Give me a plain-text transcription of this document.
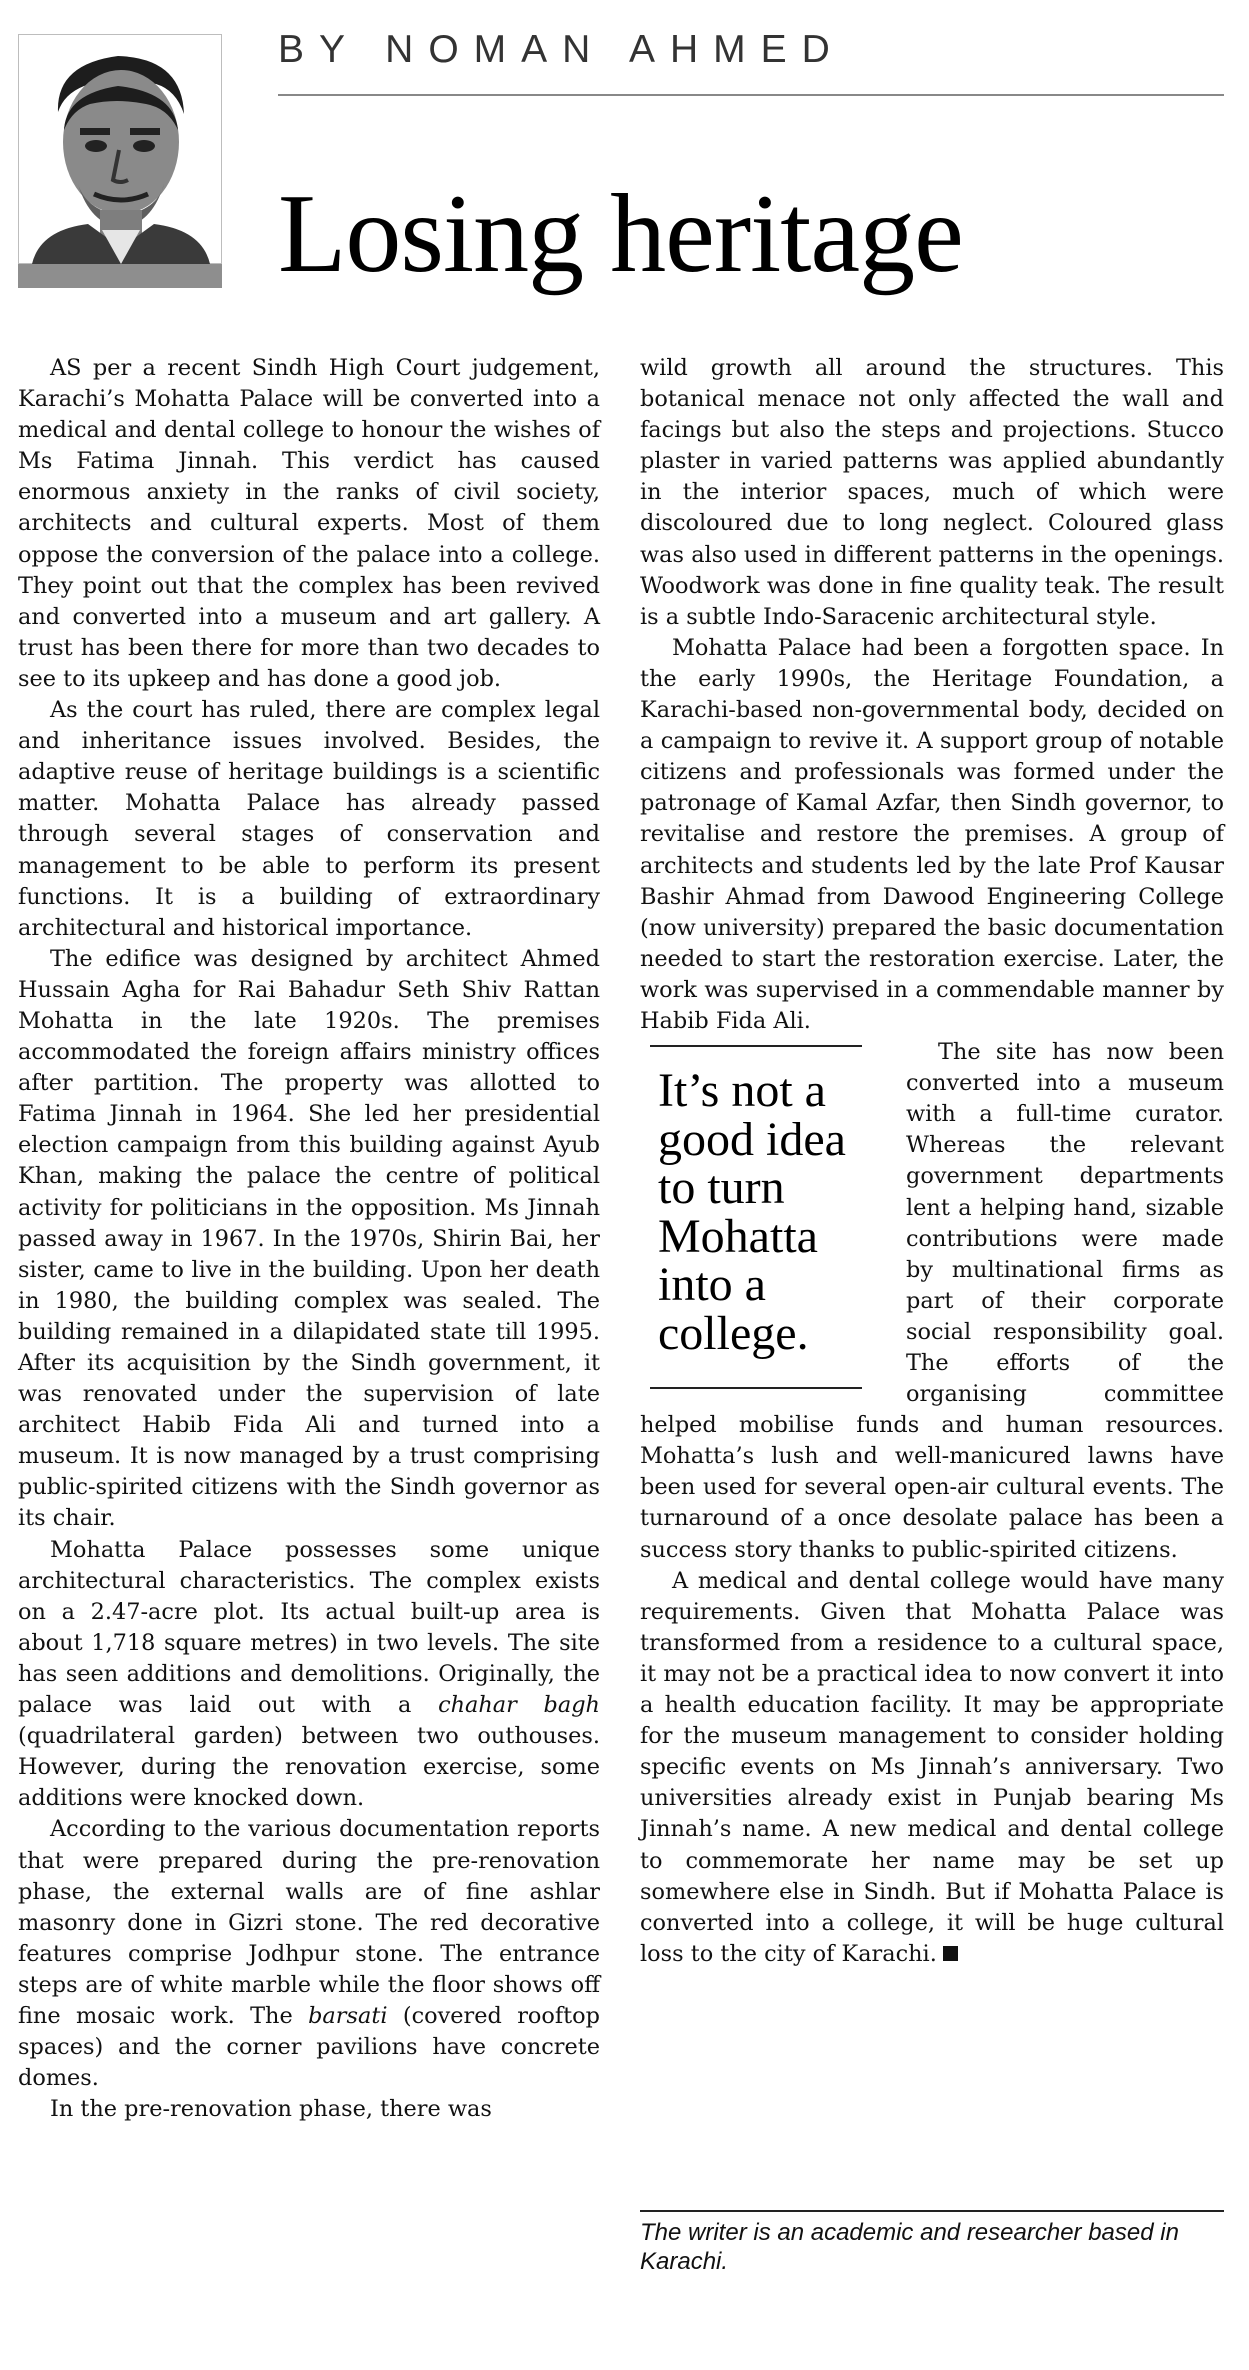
BY NOMAN AHMED
Losing heritage

AS per a recent Sindh High Court judgement, Karachi’s Mohatta Palace will be converted into a medical and dental college to honour the wishes of Ms Fatima Jinnah. This verdict has caused enormous anxiety in the ranks of civil society, architects and cultural experts. Most of them oppose the conversion of the palace into a college. They point out that the complex has been revived and converted into a museum and art gallery. A trust has been there for more than two decades to see to its upkeep and has done a good job.

As the court has ruled, there are complex legal and inheritance issues involved. Besides, the adaptive reuse of heritage buildings is a scientific matter. Mohatta Palace has already passed through several stages of conservation and management to be able to perform its present functions. It is a building of extraordinary architectural and historical importance.

The edifice was designed by architect Ahmed Hussain Agha for Rai Bahadur Seth Shiv Rattan Mohatta in the late 1920s. The premises accommodated the foreign affairs ministry offices after partition. The property was allotted to Fatima Jinnah in 1964. She led her presidential election campaign from this building against Ayub Khan, making the palace the centre of political activity for politicians in the opposition. Ms Jinnah passed away in 1967. In the 1970s, Shirin Bai, her sister, came to live in the building. Upon her death in 1980, the building complex was sealed. The building remained in a dilapidated state till 1995. After its acquisition by the Sindh government, it was renovated under the supervision of late architect Habib Fida Ali and turned into a museum. It is now managed by a trust comprising public-spirited citizens with the Sindh governor as its chair.

Mohatta Palace possesses some unique architectural characteristics. The complex exists on a 2.47-acre plot. Its actual built-up area is about 1,718 square metres) in two levels. The site has seen additions and demolitions. Originally, the palace was laid out with a chahar bagh (quadrilateral garden) between two outhouses. However, during the renovation exercise, some additions were knocked down.

According to the various documentation reports that were prepared during the pre-renovation phase, the external walls are of fine ashlar masonry done in Gizri stone. The red decorative features comprise Jodhpur stone. The entrance steps are of white marble while the floor shows off fine mosaic work. The barsati (covered rooftop spaces) and the corner pavilions have concrete domes.

In the pre-renovation phase, there was

wild growth all around the structures. This botanical menace not only affected the wall and facings but also the steps and projections. Stucco plaster in varied patterns was applied abundantly in the interior spaces, much of which were discoloured due to long neglect. Coloured glass was also used in different patterns in the openings. Woodwork was done in fine quality teak. The result is a subtle Indo-Saracenic architectural style.

Mohatta Palace had been a forgotten space. In the early 1990s, the Heritage Foundation, a Karachi-based non-governmental body, decided on a campaign to revive it. A support group of notable citizens and professionals was formed under the patronage of Kamal Azfar, then Sindh governor, to revitalise and restore the premises. A group of architects and students led by the late Prof Kausar Bashir Ahmad from Dawood Engineering College (now university) prepared the basic documentation needed to start the restoration exercise. Later, the work was supervised in a commendable manner by Habib Fida Ali.

It’s not a good idea to turn Mohatta into a college.

The site has now been converted into a museum with a full-time curator. Whereas the relevant government departments lent a helping hand, sizable contributions were made by multinational firms as part of their corporate social responsibility goal. The efforts of the organising committee helped mobilise funds and human resources. Mohatta’s lush and well-manicured lawns have been used for several open-air cultural events. The turnaround of a once desolate palace has been a success story thanks to public-spirited citizens.

A medical and dental college would have many requirements. Given that Mohatta Palace was transformed from a residence to a cultural space, it may not be a practical idea to now convert it into a health education facility. It may be appropriate for the museum management to consider holding specific events on Ms Jinnah’s anniversary. Two universities already exist in Punjab bearing Ms Jinnah’s name. A new medical and dental college to commemorate her name may be set up somewhere else in Sindh. But if Mohatta Palace is converted into a college, it will be huge cultural loss to the city of Karachi.

The writer is an academic and researcher based in Karachi.
